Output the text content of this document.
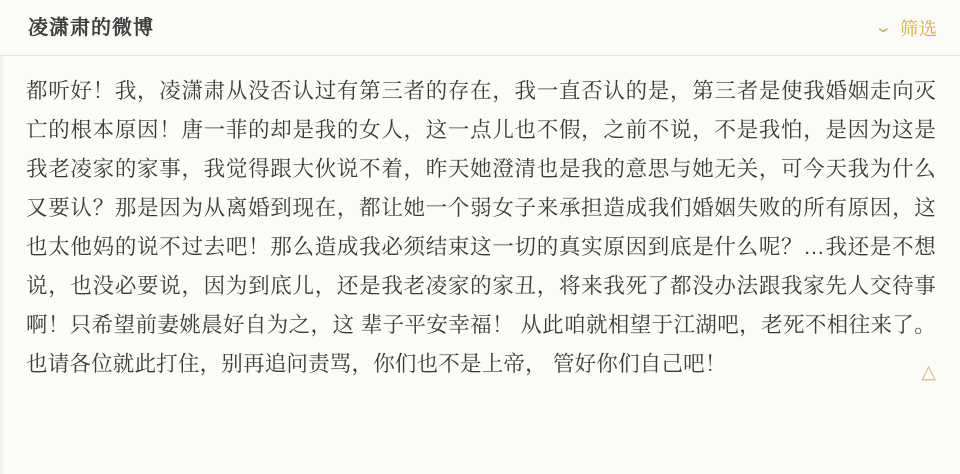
凌潇肃的微博	⌄ 筛选
都听好！我，凌潇肃从没否认过有第三者的存在，我一直否认的是，第三者是使我婚姻走向灭亡的根本原因！唐一菲的却是我的女人，这一点儿也不假，之前不说，不是我怕，是因为这是我老凌家的家事，我觉得跟大伙说不着，昨天她澄清也是我的意思与她无关，可今天我为什么又要认？那是因为从离婚到现在，都让她一个弱女子来承担造成我们婚姻失败的所有原因，这也太他妈的说不过去吧！那么造成我必须结束这一切的真实原因到底是什么呢？…我还是不想说，也没必要说，因为到底儿，还是我老凌家的家丑，将来我死了都没办法跟我家先人交待事啊！只希望前妻姚晨好自为之，这 辈子平安幸福！ 从此咱就相望于江湖吧，老死不相往来了。也请各位就此打住，别再追问责骂，你们也不是上帝， 管好你们自己吧！	△
